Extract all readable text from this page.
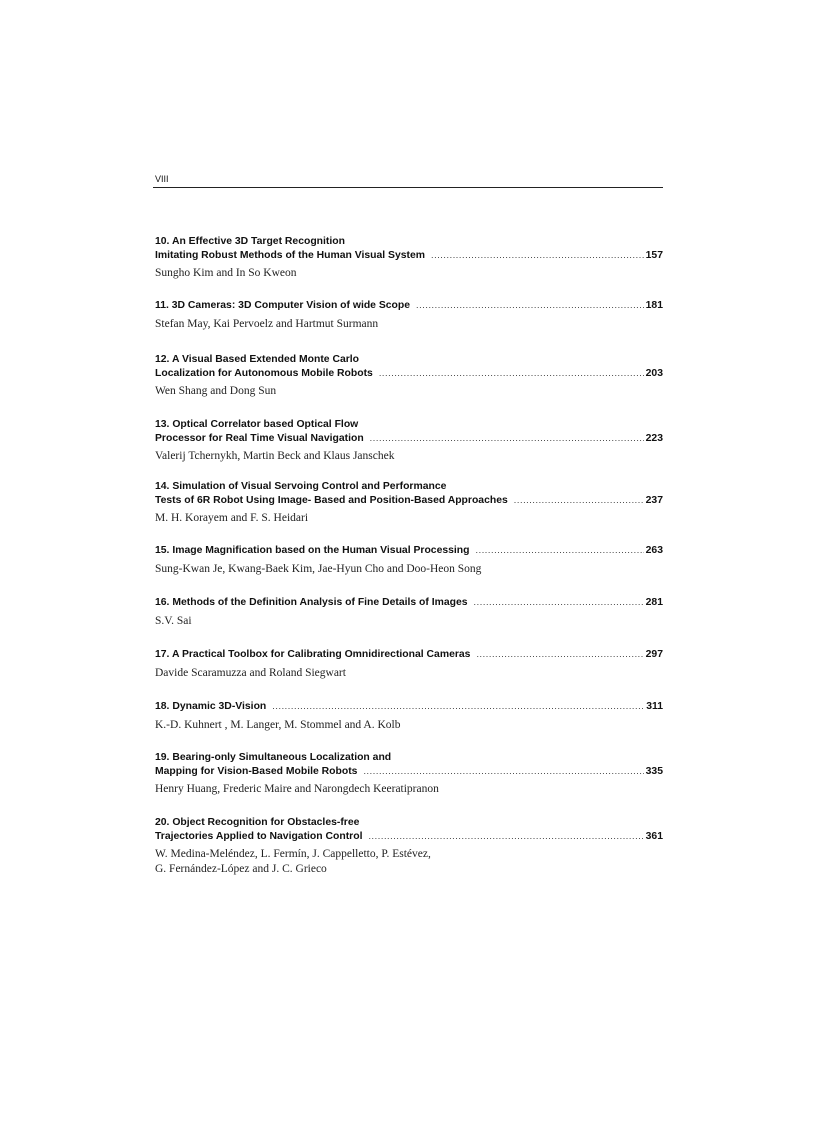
VIII
10. An Effective 3D Target Recognition
Imitating Robust Methods of the Human Visual System .....	157
Sungho Kim and In So Kweon
11. 3D Cameras: 3D Computer Vision of wide Scope .....	181
Stefan May, Kai Pervoelz and Hartmut Surmann
12. A Visual Based Extended Monte Carlo
Localization for Autonomous Mobile Robots .....	203
Wen Shang and Dong Sun
13. Optical Correlator based Optical Flow
Processor for Real Time Visual Navigation .....	223
Valerij Tchernykh, Martin Beck and Klaus Janschek
14. Simulation of Visual Servoing Control and Performance
Tests of 6R Robot Using Image- Based and Position-Based Approaches .....	237
M. H. Korayem and F. S. Heidari
15. Image Magnification based on the Human Visual Processing .....	263
Sung-Kwan Je, Kwang-Baek Kim, Jae-Hyun Cho and Doo-Heon Song
16. Methods of the Definition Analysis of Fine Details of Images .....	281
S.V. Sai
17. A Practical Toolbox for Calibrating Omnidirectional Cameras .....	297
Davide Scaramuzza and Roland Siegwart
18. Dynamic 3D-Vision .....	311
K.-D. Kuhnert , M. Langer, M. Stommel and A. Kolb
19. Bearing-only Simultaneous Localization and
Mapping for Vision-Based Mobile Robots .....	335
Henry Huang, Frederic Maire and Narongdech Keeratipranon
20. Object Recognition for Obstacles-free
Trajectories Applied to Navigation Control .....	361
W. Medina-Meléndez, L. Fermín, J. Cappelletto, P. Estévez,
G. Fernández-López and J. C. Grieco
